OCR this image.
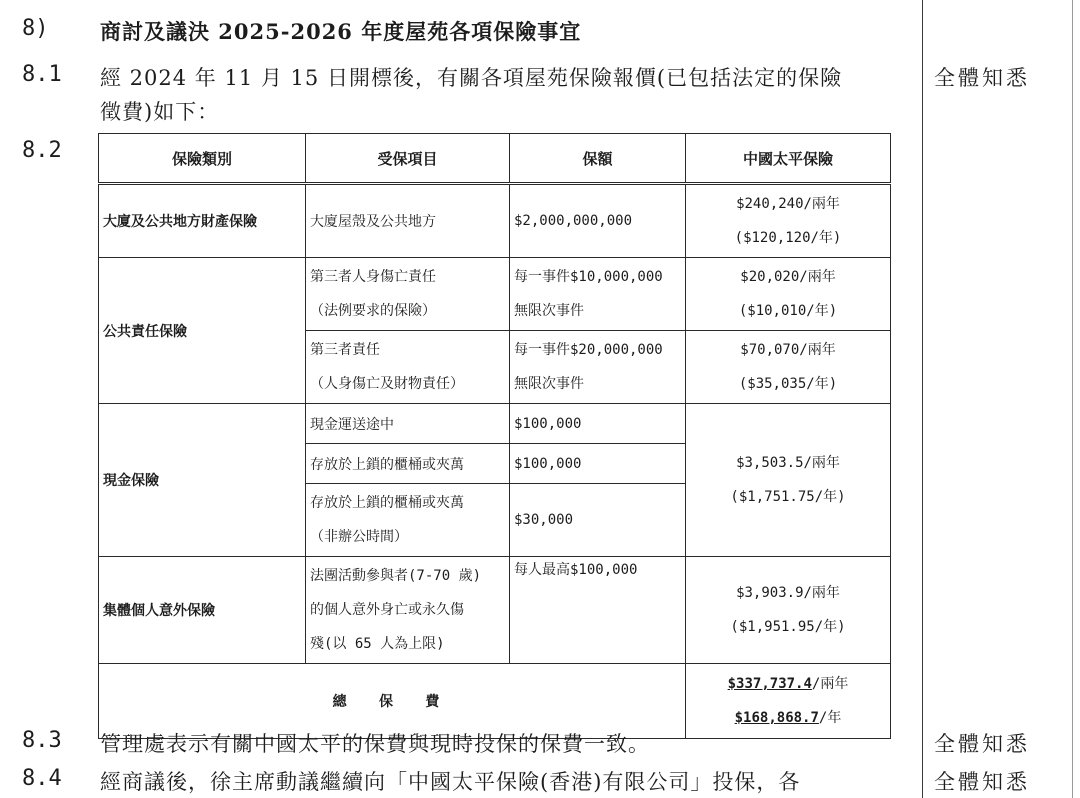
8) 商討及議決 2025-2026 年度屋苑各項保險事宜
8.1 經 2024 年 11 月 15 日開標後，有關各項屋苑保險報價(已包括法定的保險
徵費)如下：
全體知悉
8.2	保險類別	受保項目	保額	中國太平保險
大廈及公共地方財產保險	大廈屋殼及公共地方	$2,000,000,000	$240,240/兩年
($120,120/年)

公共責任保險	第三者人身傷亡責任
（法例要求的保險）	每一事件$10,000,000
無限次事件	$20,020/兩年
($10,010/年)

	第三者責任
（人身傷亡及財物責任）	每一事件$20,000,000
無限次事件	$70,070/兩年
($35,035/年)

現金保險	現金運送途中	$100,000	$3,503.5/兩年
($1,751.75/年)

	存放於上鎖的櫃桶或夾萬	$100,000	

	存放於上鎖的櫃桶或夾萬
（非辦公時間）	$30,000	
集體個人意外保險	法團活動參與者(7-70 歲)
的個人意外身亡或永久傷
殘(以 65 人為上限)	每人最高$100,000	$3,903.9/兩年
($1,951.95/年)

總 保 費			$337,737.4/兩年
$168,868.7/年
8.3 管理處表示有關中國太平的保費與現時投保的保費一致。	全體知悉
8.4 經商議後，徐主席動議繼續向「中國太平保險(香港)有限公司」投保，各	全體知悉
